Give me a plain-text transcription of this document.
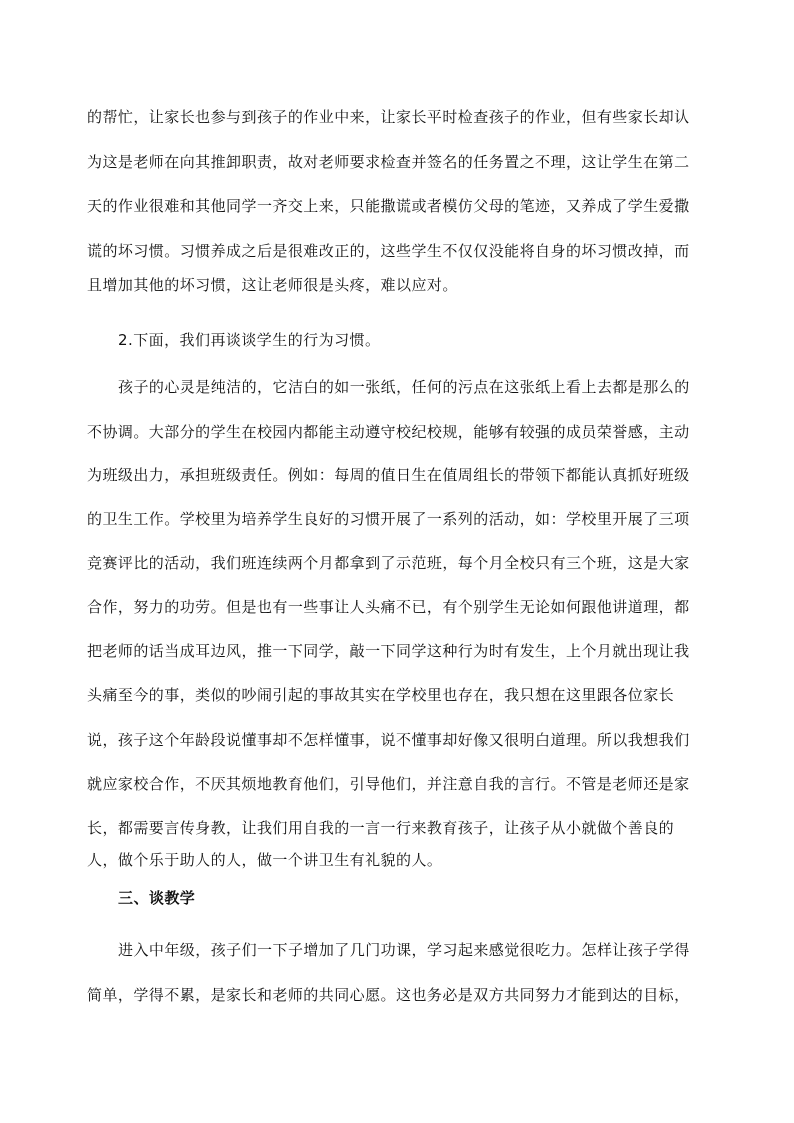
的帮忙，让家长也参与到孩子的作业中来，让家长平时检查孩子的作业，但有些家长却认
为这是老师在向其推卸职责，故对老师要求检查并签名的任务置之不理，这让学生在第二
天的作业很难和其他同学一齐交上来，只能撒谎或者模仿父母的笔迹，又养成了学生爱撒
谎的坏习惯。习惯养成之后是很难改正的，这些学生不仅仅没能将自身的坏习惯改掉，而
且增加其他的坏习惯，这让老师很是头疼，难以应对。
2.下面，我们再谈谈学生的行为习惯。
孩子的心灵是纯洁的，它洁白的如一张纸，任何的污点在这张纸上看上去都是那么的
不协调。大部分的学生在校园内都能主动遵守校纪校规，能够有较强的成员荣誉感，主动
为班级出力，承担班级责任。例如：每周的值日生在值周组长的带领下都能认真抓好班级
的卫生工作。学校里为培养学生良好的习惯开展了一系列的活动，如：学校里开展了三项
竞赛评比的活动，我们班连续两个月都拿到了示范班，每个月全校只有三个班，这是大家
合作，努力的功劳。但是也有一些事让人头痛不已，有个别学生无论如何跟他讲道理，都
把老师的话当成耳边风，推一下同学，敲一下同学这种行为时有发生，上个月就出现让我
头痛至今的事，类似的吵闹引起的事故其实在学校里也存在，我只想在这里跟各位家长
说，孩子这个年龄段说懂事却不怎样懂事，说不懂事却好像又很明白道理。所以我想我们
就应家校合作，不厌其烦地教育他们，引导他们，并注意自我的言行。不管是老师还是家
长，都需要言传身教，让我们用自我的一言一行来教育孩子，让孩子从小就做个善良的
人，做个乐于助人的人，做一个讲卫生有礼貌的人。
三、谈教学
进入中年级，孩子们一下子增加了几门功课，学习起来感觉很吃力。怎样让孩子学得
简单，学得不累，是家长和老师的共同心愿。这也务必是双方共同努力才能到达的目标，
